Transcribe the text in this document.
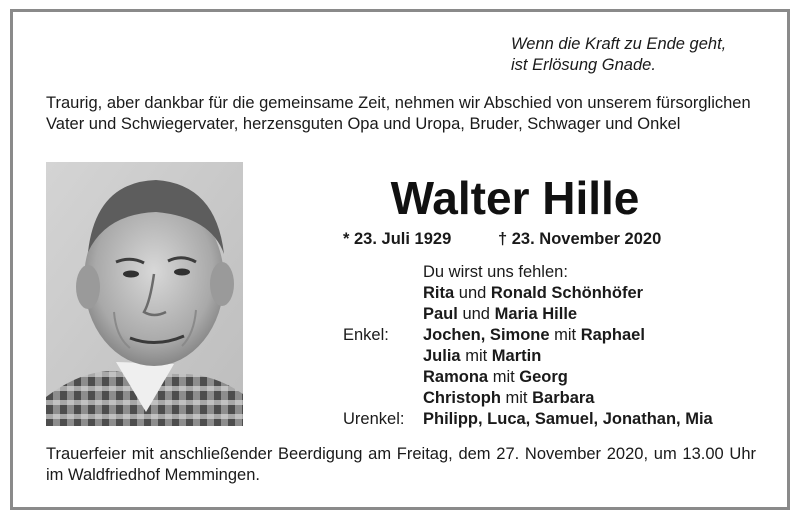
Wenn die Kraft zu Ende geht,
ist Erlösung Gnade.
Traurig, aber dankbar für die gemeinsame Zeit, nehmen wir Abschied von unserem fürsorglichen Vater und Schwiegervater, herzensguten Opa und Uropa, Bruder, Schwager und Onkel
Walter Hille
* 23. Juli 1929	† 23. November 2020
Du wirst uns fehlen:
Rita und Ronald Schönhöfer
Paul und Maria Hille
Enkel: Jochen, Simone mit Raphael
Julia mit Martin
Ramona mit Georg
Christoph mit Barbara
Urenkel: Philipp, Luca, Samuel, Jonathan, Mia
Trauerfeier mit anschließender Beerdigung am Freitag, dem 27. November 2020, um 13.00 Uhr im Waldfriedhof Memmingen.
